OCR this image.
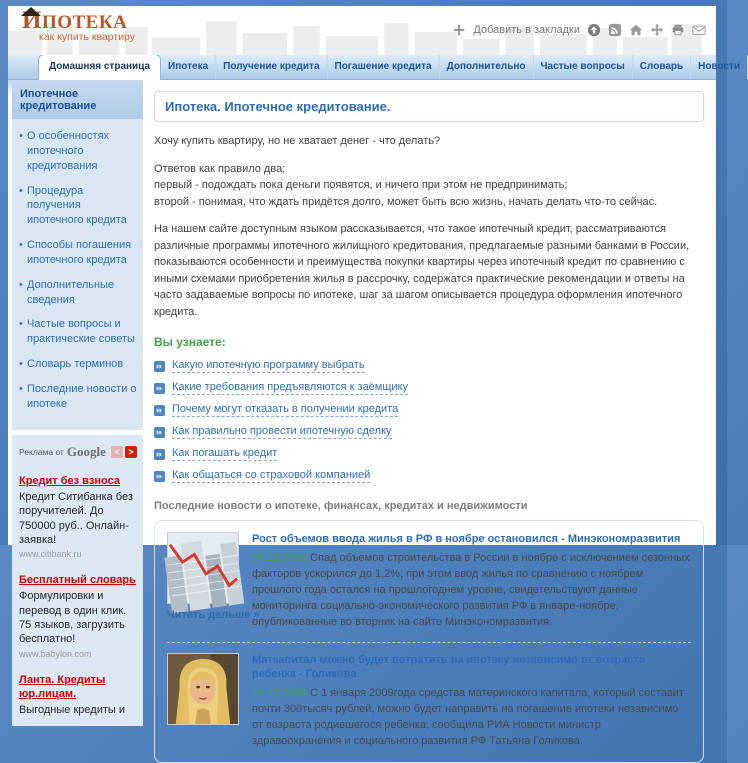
ИПОТЕКА
как купить квартиру
Добавить в закладки
Домашняя страница	Ипотека	Получение кредита	Погашение кредита	Дополнительно	Частые вопросы	Словарь	Новости
Ипотечное кредитование
• О особенностях ипотечного кредитования
• Процедура получения ипотечного кредита
• Способы погашения ипотечного кредита
• Дополнительные сведения
• Частые вопросы и практические советы
• Словарь терминов
• Последние новости о ипотеке
Реклама от Google < >
Кредит без взноса
Кредит Ситибанка без поручителей. До 750000 руб.. Онлайн-заявка!
www.citibank.ru
Бесплатный словарь
Формулировки и перевод в один клик. 75 языков, загрузить бесплатно!
www.babylon.com
Ланта. Кредиты юр.лицам.
Выгодные кредиты и
Ипотека. Ипотечное кредитование.
Хочу купить квартиру, но не хватает денег - что делать?
Ответов как правило два:
первый - подождать пока деньги появятся, и ничего при этом не предпринимать;
второй - понимая, что ждать придётся долго, может быть всю жизнь, начать делать что-то сейчас.
На нашем сайте доступным языком рассказывается, что такое ипотечный кредит, рассматриваются различные программы ипотечного жилищного кредитования, предлагаемые разными банками в России, показываются особенности и преимущества покупки квартиры через ипотечный кредит по сравнению с иными схемами приобретения жилья в рассрочку, содержатся практические рекомендации и ответы на часто задаваемые вопросы по ипотеке, шаг за шагом описывается процедура оформления ипотечного кредита.
Вы узнаете:
Какую ипотечную программу выбрать
Какие требования предъявляются к заёмщику
Почему могут отказать в получении кредита
Как правильно провести ипотечную сделку
Как погашать кредит
Как общаться со страховой компанией
Последние новости о ипотеке, финансах, кредитах и недвижимости
Читать дальше »
Рост объемов ввода жилья в РФ в ноябре остановился - Минэкономразвития
30.12.2008 Спад объемов строительства в России в ноябре с исключением сезонных факторов ускорился до 1,2%, при этом ввод жилья по сравнению с ноябрем прошлого года остался на прошлогоднем уровне, свидетельствуют данные мониторинга социально-экономического развития РФ в январе-ноябре, опубликованные во вторник на сайте Минэкономразвития.
Маткапитал можно будет потратить на ипотеку независимо от возраста ребенка - Голикова
29.12.2008 С 1 января 2009года средства материнского капитала, который составит почти 300тысяч рублей, можно будет направить на погашение ипотеки независимо от возраста родившегося ребенка, сообщила РИА Новости министр здравоохранения и социального развития РФ Татьяна Голикова.
